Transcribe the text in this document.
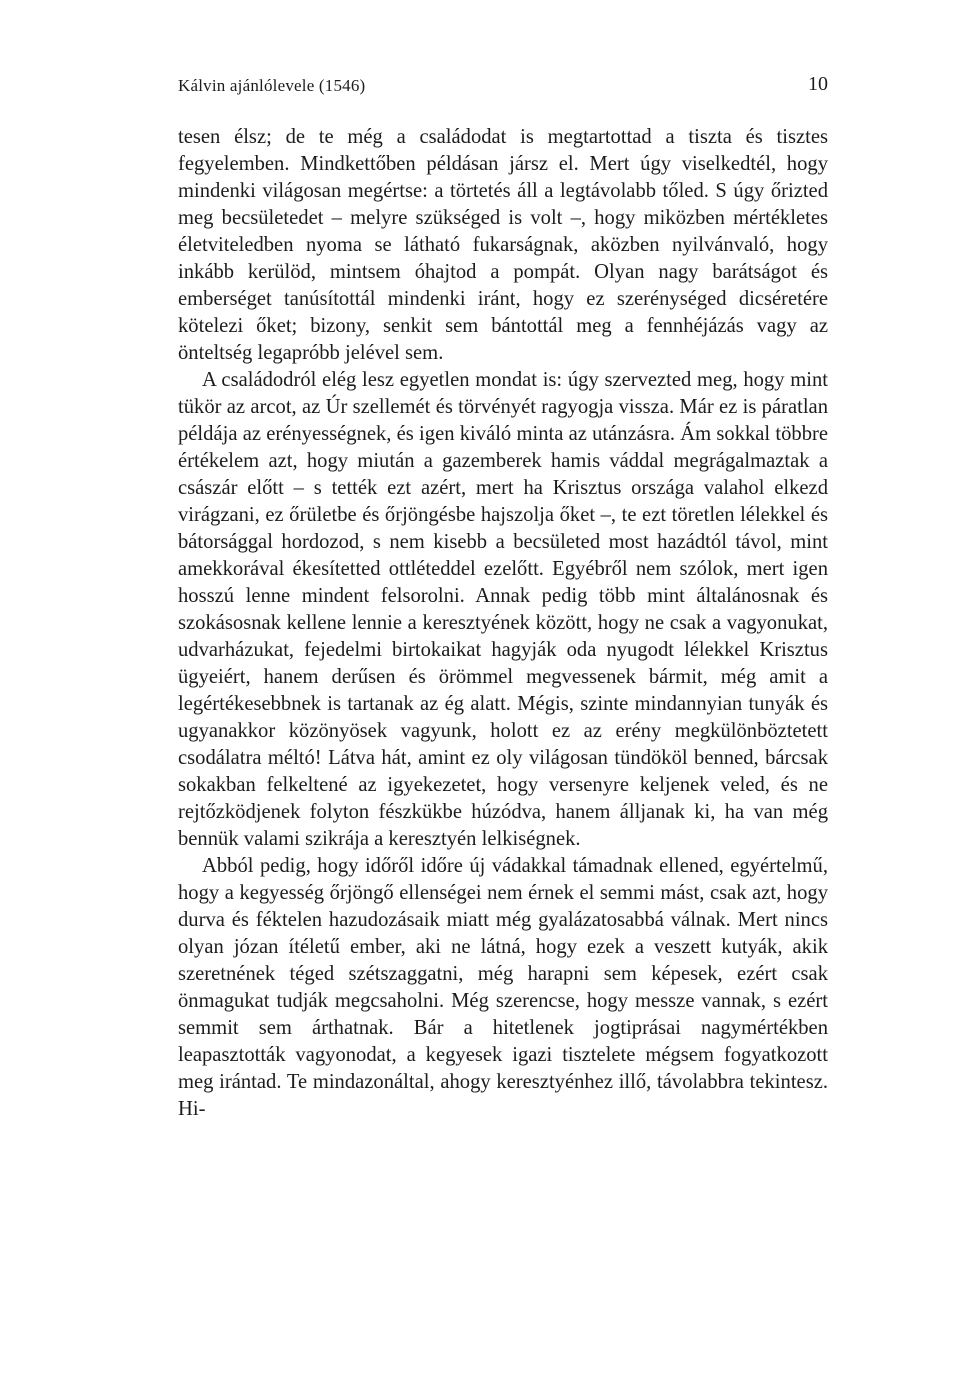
Kálvin ajánlólevele (1546)	10

tesen élsz; de te még a családodat is megtartottad a tiszta és tisztes fegyelemben. Mindkettőben példásan jársz el. Mert úgy viselkedtél, hogy mindenki világosan megértse: a törtetés áll a legtávolabb tőled. S úgy őrizted meg becsületedet – melyre szükséged is volt –, hogy miközben mértékletes életviteledben nyoma se látható fukarságnak, aközben nyilvánvaló, hogy inkább kerülöd, mintsem óhajtod a pompát. Olyan nagy barátságot és emberséget tanúsítottál mindenki iránt, hogy ez szerénységed dicséretére kötelezi őket; bizony, senkit sem bántottál meg a fennhéjázás vagy az önteltség legapróbb jelével sem.

A családodról elég lesz egyetlen mondat is: úgy szervezted meg, hogy mint tükör az arcot, az Úr szellemét és törvényét ragyogja vissza. Már ez is páratlan példája az erényességnek, és igen kiváló minta az utánzásra. Ám sokkal többre értékelem azt, hogy miután a gazemberek hamis váddal megrágalmaztak a császár előtt – s tették ezt azért, mert ha Krisztus országa valahol elkezd virágzani, ez őrületbe és őrjöngésbe hajszolja őket –, te ezt töretlen lélekkel és bátorsággal hordozod, s nem kisebb a becsületed most hazádtól távol, mint amekkorával ékesítetted ottléteddel ezelőtt. Egyébről nem szólok, mert igen hosszú lenne mindent felsorolni. Annak pedig több mint általánosnak és szokásosnak kellene lennie a keresztyének között, hogy ne csak a vagyonukat, udvarházukat, fejedelmi birtokaikat hagyják oda nyugodt lélekkel Krisztus ügyeiért, hanem derűsen és örömmel megvessenek bármit, még amit a legértékesebbnek is tartanak az ég alatt. Mégis, szinte mindannyian tunyák és ugyanakkor közönyösek vagyunk, holott ez az erény megkülönböztetett csodálatra méltó! Látva hát, amint ez oly világosan tündököl benned, bárcsak sokakban felkeltené az igyekezetet, hogy versenyre keljenek veled, és ne rejtőzködjenek folyton fészkükbe húzódva, hanem álljanak ki, ha van még bennük valami szikrája a keresztyén lelkiségnek.

Abból pedig, hogy időről időre új vádakkal támadnak ellened, egyértelmű, hogy a kegyesség őrjöngő ellenségei nem érnek el semmi mást, csak azt, hogy durva és féktelen hazudozásaik miatt még gyalázatosabbá válnak. Mert nincs olyan józan ítéletű ember, aki ne látná, hogy ezek a veszett kutyák, akik szeretnének téged szétszaggatni, még harapni sem képesek, ezért csak önmagukat tudják megcsaholni. Még szerencse, hogy messze vannak, s ezért semmit sem árthatnak. Bár a hitetlenek jogtiprásai nagymértékben leapasztották vagyonodat, a kegyesek igazi tisztelete mégsem fogyatkozott meg irántad. Te mindazonáltal, ahogy keresztyénhez illő, távolabbra tekintesz. Hi-
